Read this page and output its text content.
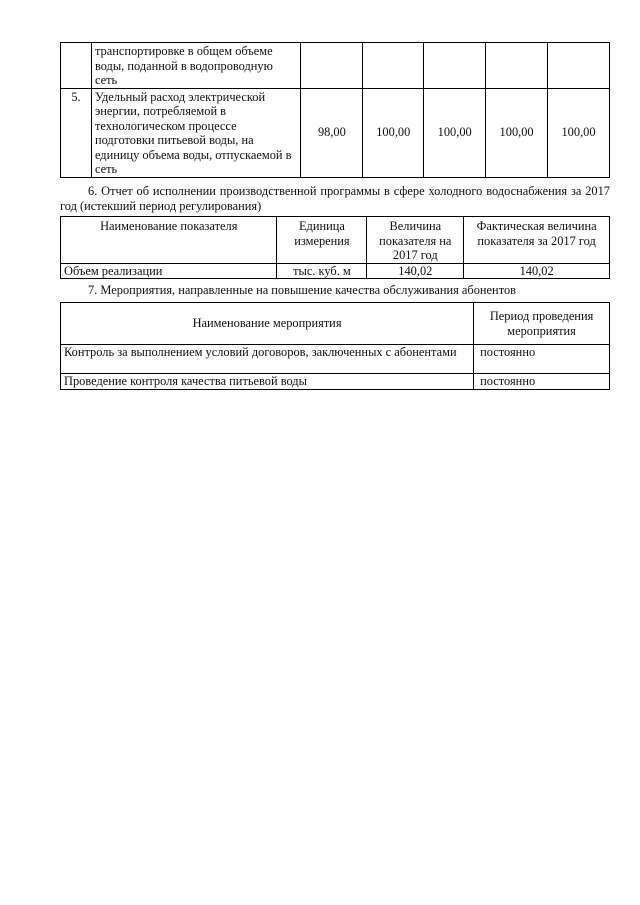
	транспортировке в общем объеме воды, поданной в водопроводную сеть					
5.	Удельный расход электрической энергии, потребляемой в технологическом процессе подготовки питьевой воды, на единицу объема воды, отпускаемой в сеть	98,00	100,00	100,00	100,00	100,00

6. Отчет об исполнении производственной программы в сфере холодного водоснабжения за 2017 год (истекший период регулирования)

Наименование показателя	Единица измерения	Величина показателя на 2017 год	Фактическая величина показателя за 2017 год
Объем реализации	тыс. куб. м	140,02	140,02

7. Мероприятия, направленные на повышение качества обслуживания абонентов

Наименование мероприятия	Период проведения мероприятия

Контроль за выполнением условий договоров, заключенных с абонентами	постоянно
Проведение контроля качества питьевой воды	постоянно
